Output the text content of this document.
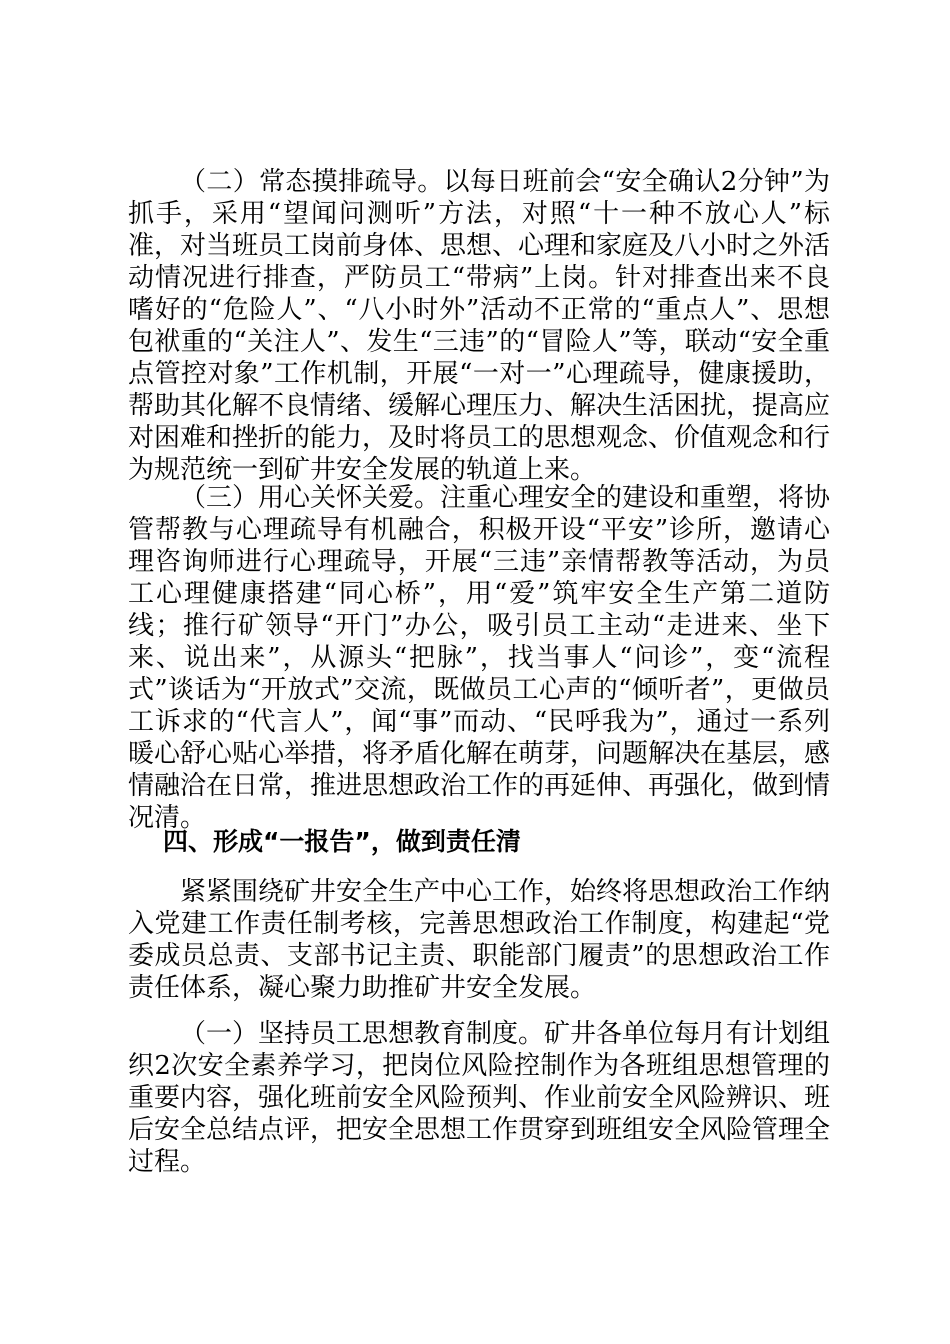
（二）常态摸排疏导。以每日班前会“安全确认2分钟”为抓手，采用“望闻问测听”方法，对照“十一种不放心人”标准，对当班员工岗前身体、思想、心理和家庭及八小时之外活动情况进行排查，严防员工“带病”上岗。针对排查出来不良嗜好的“危险人”、“八小时外”活动不正常的“重点人”、思想包袱重的“关注人”、发生“三违”的“冒险人”等，联动“安全重点管控对象”工作机制，开展“一对一”心理疏导，健康援助，帮助其化解不良情绪、缓解心理压力、解决生活困扰，提高应对困难和挫折的能力，及时将员工的思想观念、价值观念和行为规范统一到矿井安全发展的轨道上来。

（三）用心关怀关爱。注重心理安全的建设和重塑，将协管帮教与心理疏导有机融合，积极开设“平安”诊所，邀请心理咨询师进行心理疏导，开展“三违”亲情帮教等活动，为员工心理健康搭建“同心桥”，用“爱”筑牢安全生产第二道防线；推行矿领导“开门”办公，吸引员工主动“走进来、坐下来、说出来”，从源头“把脉”，找当事人“问诊”，变“流程式”谈话为“开放式”交流，既做员工心声的“倾听者”，更做员工诉求的“代言人”，闻“事”而动、“民呼我为”，通过一系列暖心舒心贴心举措，将矛盾化解在萌芽，问题解决在基层，感情融洽在日常，推进思想政治工作的再延伸、再强化，做到情况清。

四、形成“一报告”，做到责任清

紧紧围绕矿井安全生产中心工作，始终将思想政治工作纳入党建工作责任制考核，完善思想政治工作制度，构建起“党委成员总责、支部书记主责、职能部门履责”的思想政治工作责任体系，凝心聚力助推矿井安全发展。

（一）坚持员工思想教育制度。矿井各单位每月有计划组织2次安全素养学习，把岗位风险控制作为各班组思想管理的重要内容，强化班前安全风险预判、作业前安全风险辨识、班后安全总结点评，把安全思想工作贯穿到班组安全风险管理全过程。
